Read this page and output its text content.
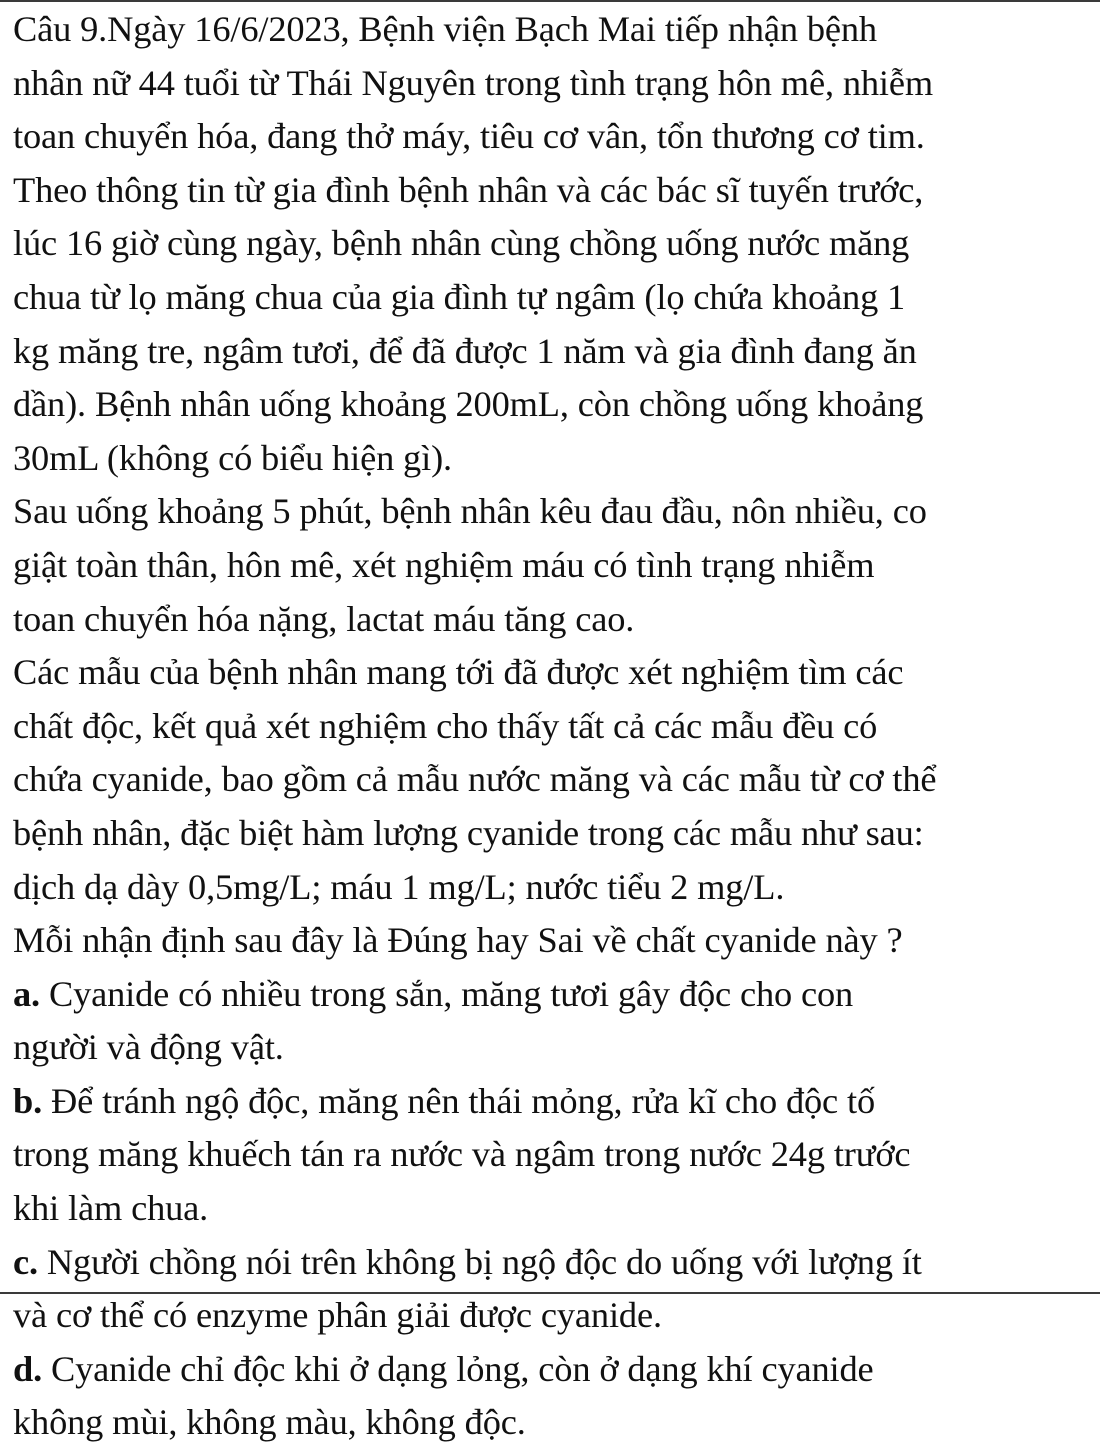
Câu 9.Ngày 16/6/2023, Bệnh viện Bạch Mai tiếp nhận bệnh
nhân nữ 44 tuổi từ Thái Nguyên trong tình trạng hôn mê, nhiễm
toan chuyển hóa, đang thở máy, tiêu cơ vân, tổn thương cơ tim.
Theo thông tin từ gia đình bệnh nhân và các bác sĩ tuyến trước,
lúc 16 giờ cùng ngày, bệnh nhân cùng chồng uống nước măng
chua từ lọ măng chua của gia đình tự ngâm (lọ chứa khoảng 1
kg măng tre, ngâm tươi, để đã được 1 năm và gia đình đang ăn
dần). Bệnh nhân uống khoảng 200mL, còn chồng uống khoảng
30mL (không có biểu hiện gì).
Sau uống khoảng 5 phút, bệnh nhân kêu đau đầu, nôn nhiều, co
giật toàn thân, hôn mê, xét nghiệm máu có tình trạng nhiễm
toan chuyển hóa nặng, lactat máu tăng cao.
Các mẫu của bệnh nhân mang tới đã được xét nghiệm tìm các
chất độc, kết quả xét nghiệm cho thấy tất cả các mẫu đều có
chứa cyanide, bao gồm cả mẫu nước măng và các mẫu từ cơ thể
bệnh nhân, đặc biệt hàm lượng cyanide trong các mẫu như sau:
dịch dạ dày 0,5mg/L; máu 1 mg/L; nước tiểu 2 mg/L.
Mỗi nhận định sau đây là Đúng hay Sai về chất cyanide này ?
a. Cyanide có nhiều trong sắn, măng tươi gây độc cho con
người và động vật.
b. Để tránh ngộ độc, măng nên thái mỏng, rửa kĩ cho độc tố
trong măng khuếch tán ra nước và ngâm trong nước 24g trước
khi làm chua.
c. Người chồng nói trên không bị ngộ độc do uống với lượng ít
và cơ thể có enzyme phân giải được cyanide.
d. Cyanide chỉ độc khi ở dạng lỏng, còn ở dạng khí cyanide
không mùi, không màu, không độc.
